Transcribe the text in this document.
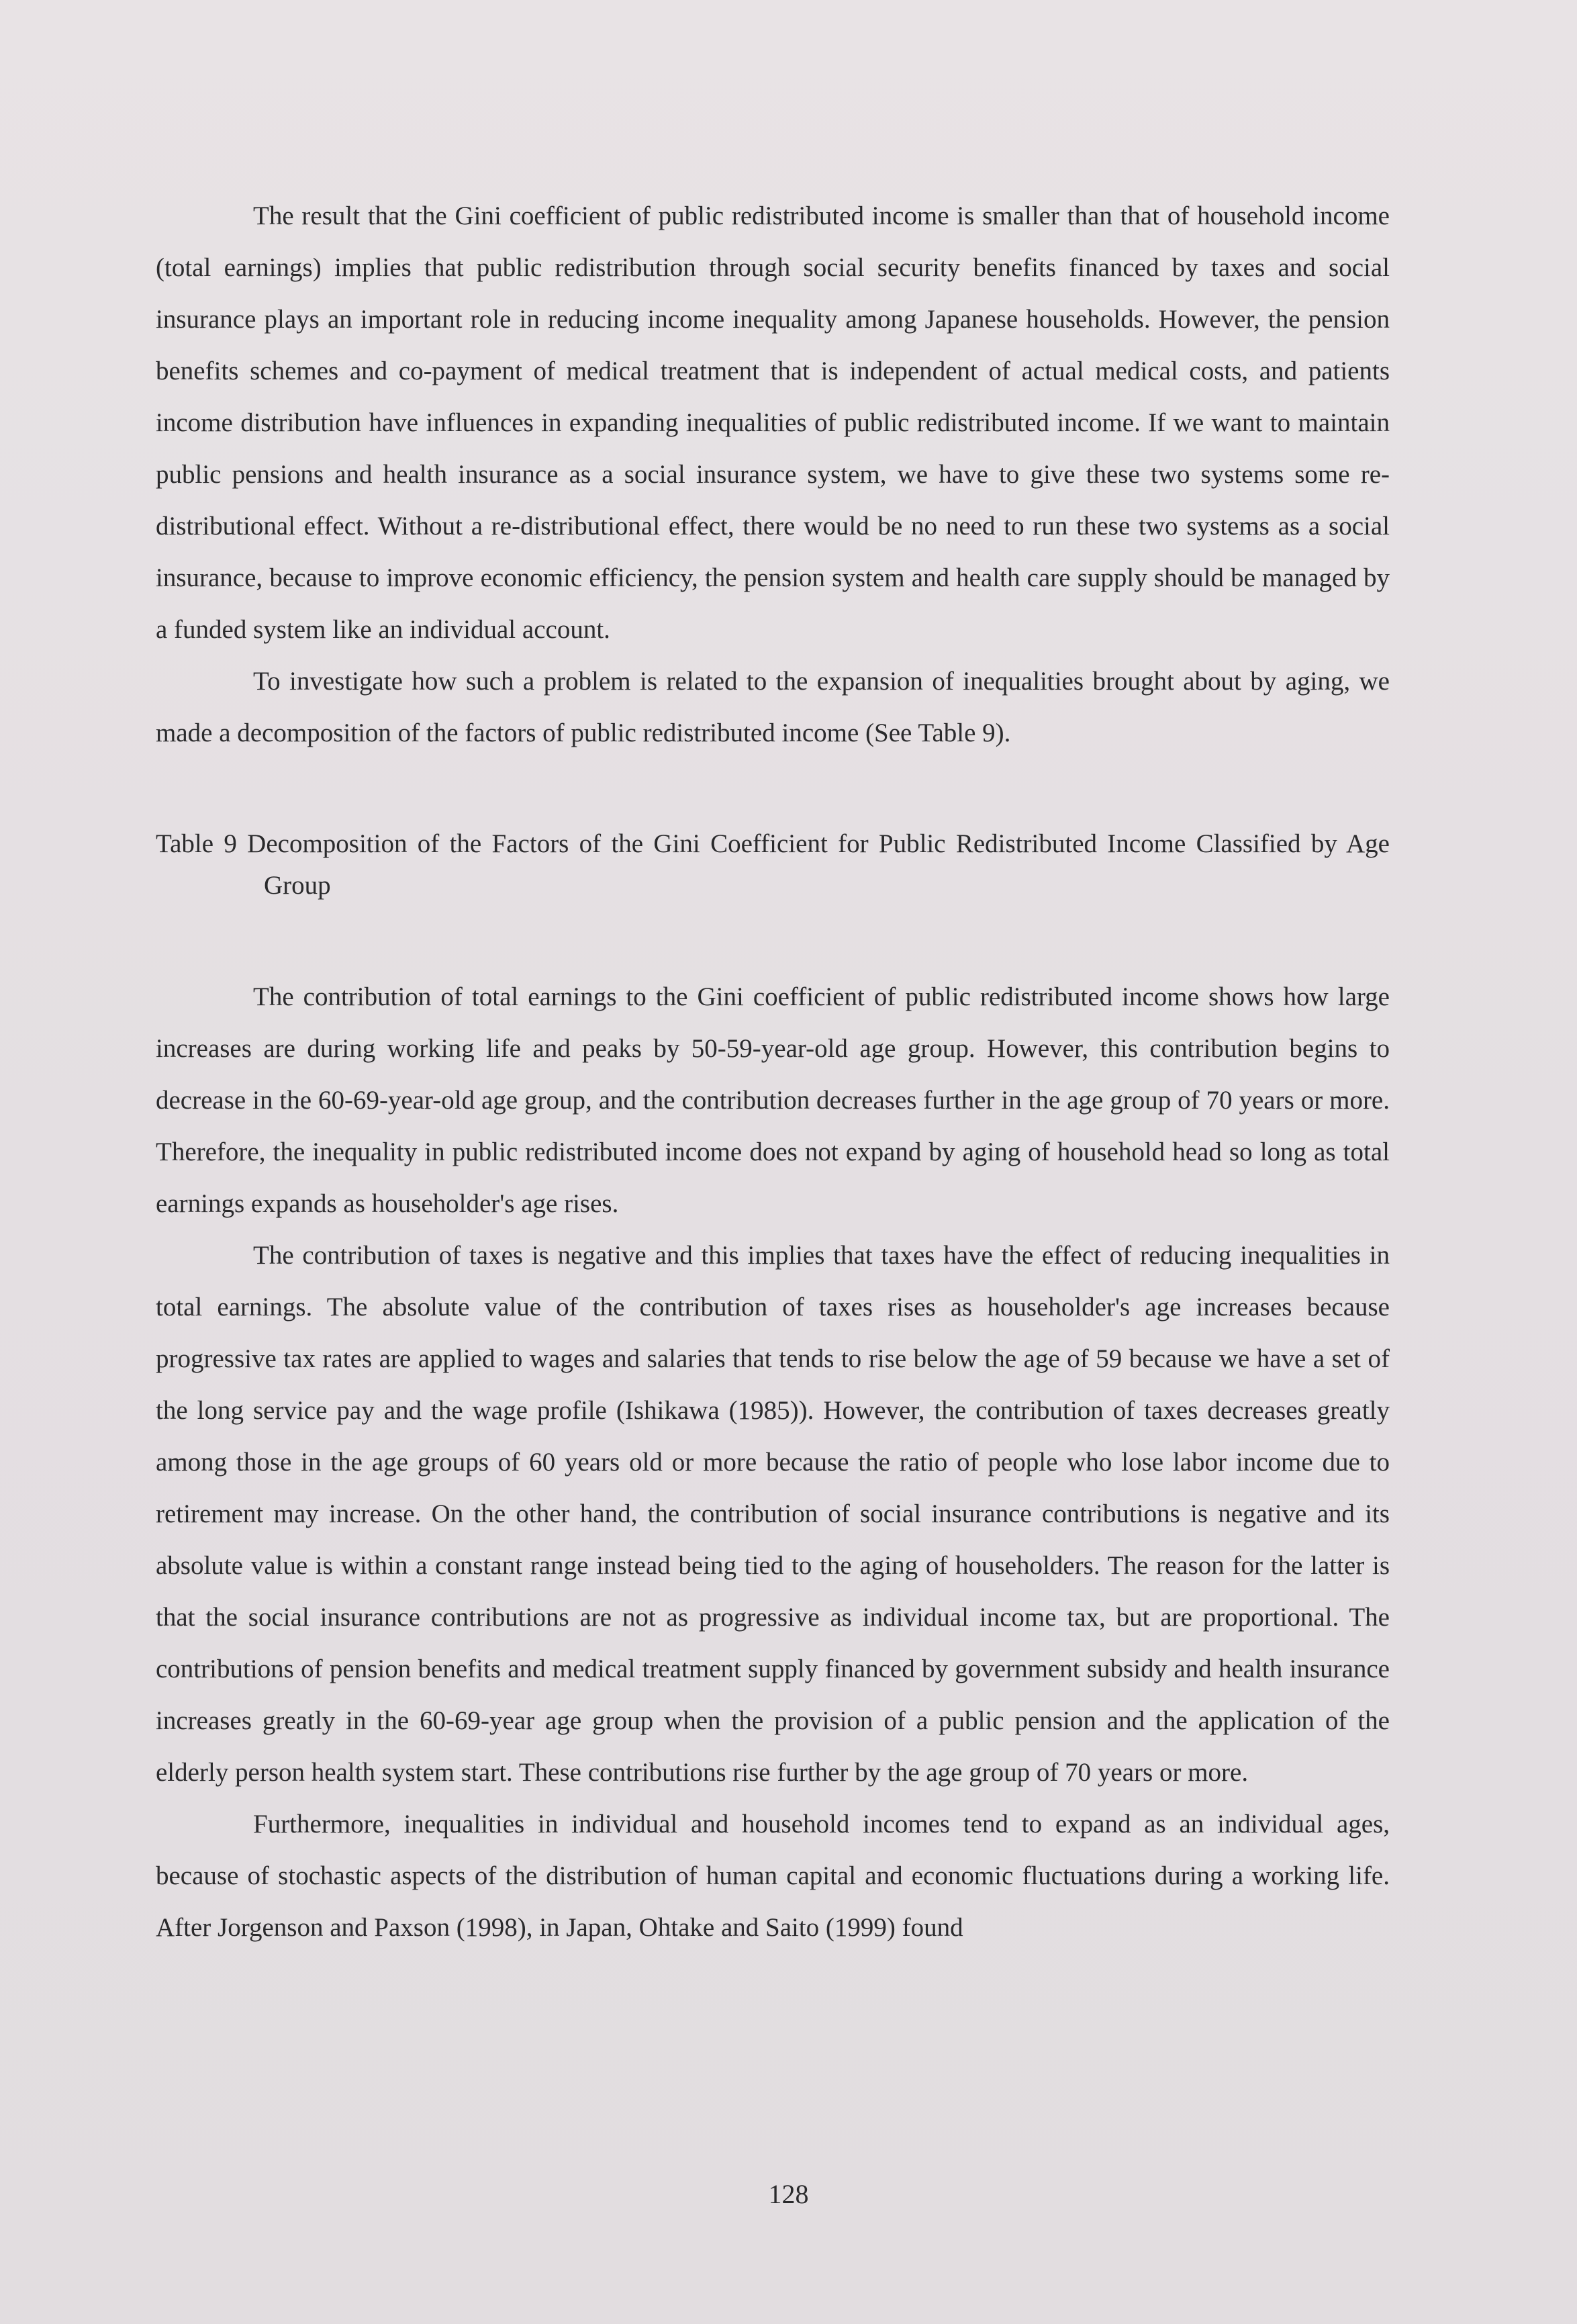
The result that the Gini coefficient of public redistributed income is smaller than that of household income (total earnings) implies that public redistribution through social security benefits financed by taxes and social insurance plays an important role in reducing income inequality among Japanese households. However, the pension benefits schemes and co-payment of medical treatment that is independent of actual medical costs, and patients income distribution have influences in expanding inequalities of public redistributed income. If we want to maintain public pensions and health insurance as a social insurance system, we have to give these two systems some re-distributional effect. Without a re-distributional effect, there would be no need to run these two systems as a social insurance, because to improve economic efficiency, the pension system and health care supply should be managed by a funded system like an individual account.

To investigate how such a problem is related to the expansion of inequalities brought about by aging, we made a decomposition of the factors of public redistributed income (See Table 9).

Table 9 Decomposition of the Factors of the Gini Coefficient for Public Redistributed Income Classified by Age Group

The contribution of total earnings to the Gini coefficient of public redistributed income shows how large increases are during working life and peaks by 50-59-year-old age group. However, this contribution begins to decrease in the 60-69-year-old age group, and the contribution decreases further in the age group of 70 years or more. Therefore, the inequality in public redistributed income does not expand by aging of household head so long as total earnings expands as householder's age rises.

The contribution of taxes is negative and this implies that taxes have the effect of reducing inequalities in total earnings. The absolute value of the contribution of taxes rises as householder's age increases because progressive tax rates are applied to wages and salaries that tends to rise below the age of 59 because we have a set of the long service pay and the wage profile (Ishikawa (1985)). However, the contribution of taxes decreases greatly among those in the age groups of 60 years old or more because the ratio of people who lose labor income due to retirement may increase. On the other hand, the contribution of social insurance contributions is negative and its absolute value is within a constant range instead being tied to the aging of householders. The reason for the latter is that the social insurance contributions are not as progressive as individual income tax, but are proportional. The contributions of pension benefits and medical treatment supply financed by government subsidy and health insurance increases greatly in the 60-69-year age group when the provision of a public pension and the application of the elderly person health system start. These contributions rise further by the age group of 70 years or more.

Furthermore, inequalities in individual and household incomes tend to expand as an individual ages, because of stochastic aspects of the distribution of human capital and economic fluctuations during a working life. After Jorgenson and Paxson (1998), in Japan, Ohtake and Saito (1999) found

128
